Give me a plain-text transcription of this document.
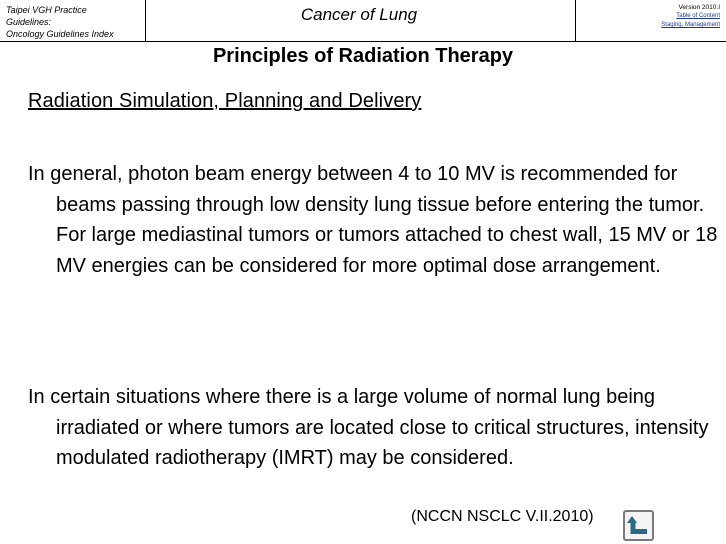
Taipei VGH Practice
Guidelines:
Oncology Guidelines Index
Cancer of Lung	Version 2010.I
Table of Content
Staging, Management
Principles of Radiation Therapy
Radiation Simulation, Planning and Delivery

In general, photon beam energy between 4 to 10 MV is recommended for beams passing through low density lung tissue before entering the tumor. For large mediastinal tumors or tumors attached to chest wall, 15 MV or 18 MV energies can be considered for more optimal dose arrangement.

In certain situations where there is a large volume of normal lung being irradiated or where tumors are located close to critical structures, intensity modulated radiotherapy (IMRT) may be considered.

(NCCN NSCLC V.II.2010)
